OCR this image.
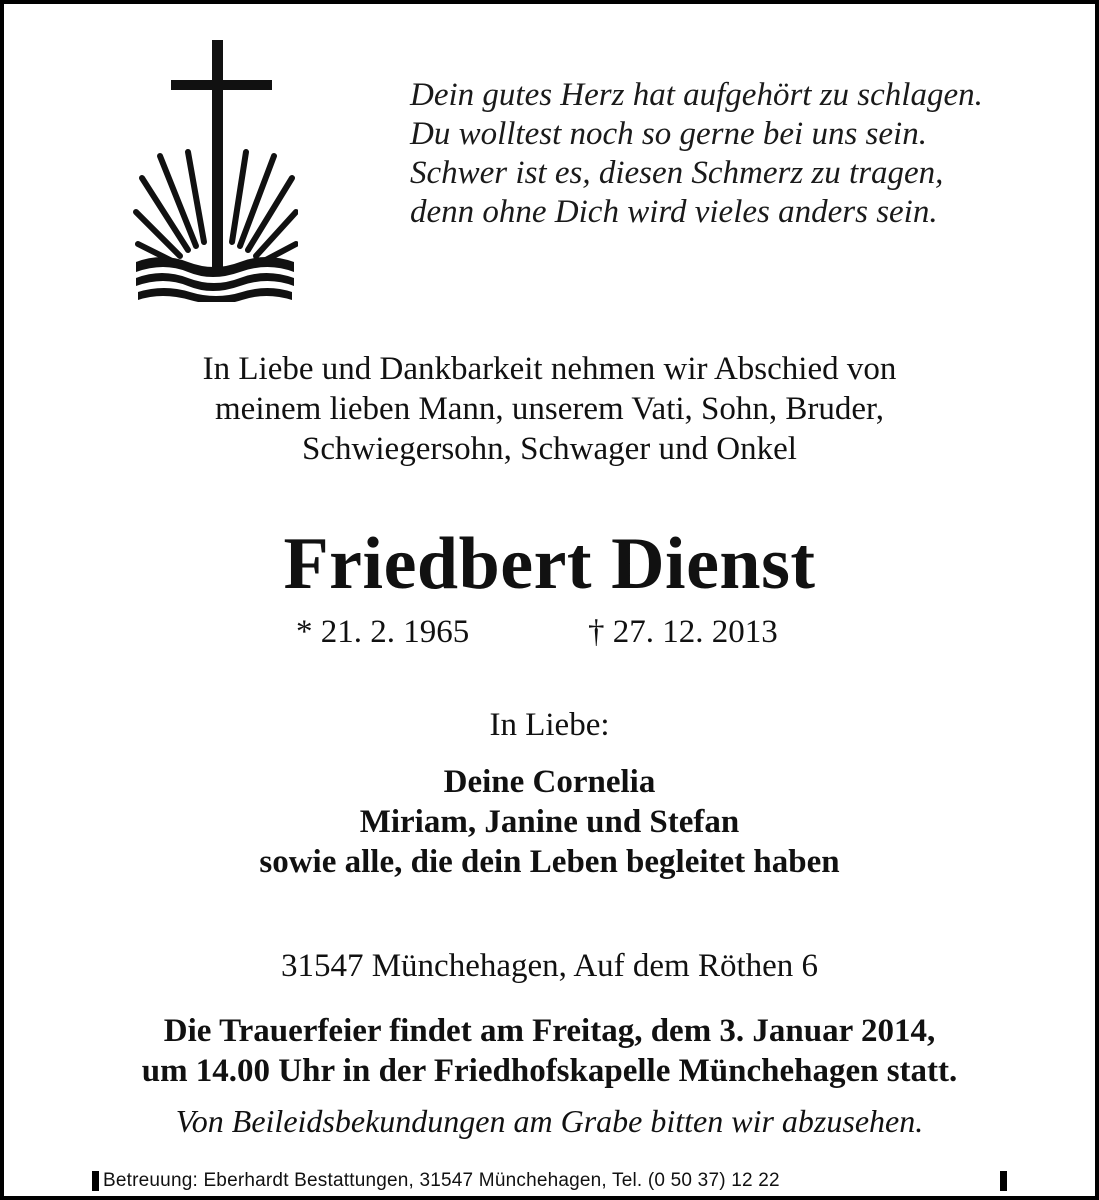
Dein gutes Herz hat aufgehört zu schlagen.
Du wolltest noch so gerne bei uns sein.
Schwer ist es, diesen Schmerz zu tragen,
denn ohne Dich wird vieles anders sein.
In Liebe und Dankbarkeit nehmen wir Abschied von
meinem lieben Mann, unserem Vati, Sohn, Bruder,
Schwiegersohn, Schwager und Onkel
Friedbert Dienst
* 21. 2. 1965	† 27. 12. 2013
In Liebe:
Deine Cornelia
Miriam, Janine und Stefan
sowie alle, die dein Leben begleitet haben
31547 Münchehagen, Auf dem Röthen 6
Die Trauerfeier findet am Freitag, dem 3. Januar 2014,
um 14.00 Uhr in der Friedhofskapelle Münchehagen statt.
Von Beileidsbekundungen am Grabe bitten wir abzusehen.
Betreuung: Eberhardt Bestattungen, 31547 Münchehagen, Tel. (0 50 37) 12 22
